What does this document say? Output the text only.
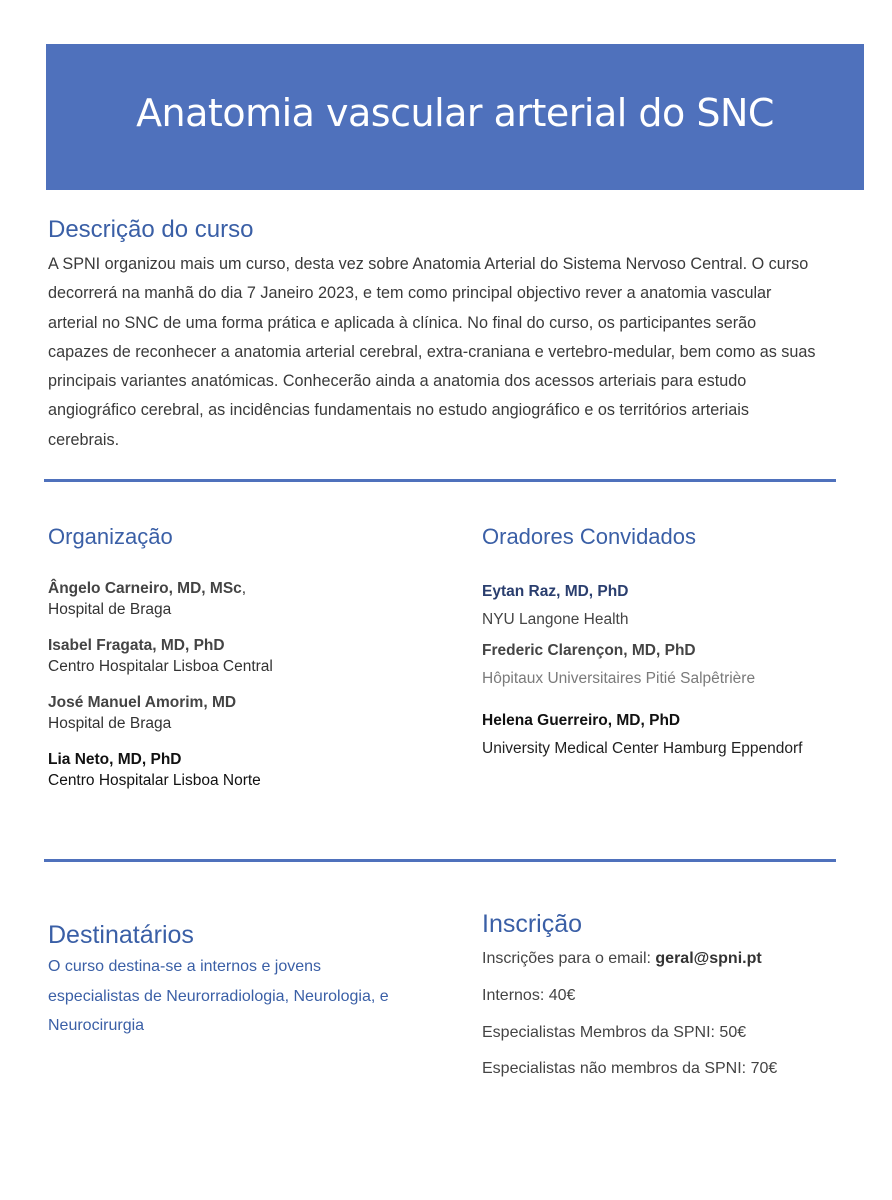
Anatomia vascular arterial do SNC
Descrição do curso

A SPNI organizou mais um curso, desta vez sobre Anatomia Arterial do Sistema Nervoso Central. O curso
decorrerá na manhã do dia 7 Janeiro 2023, e tem como principal objectivo rever a anatomia vascular
arterial no SNC de uma forma prática e aplicada à clínica. No final do curso, os participantes serão
capazes de reconhecer a anatomia arterial cerebral, extra-craniana e vertebro-medular, bem como as suas
principais variantes anatómicas. Conhecerão ainda a anatomia dos acessos arteriais para estudo
angiográfico cerebral, as incidências fundamentais no estudo angiográfico e os territórios arteriais
cerebrais.

Organização
Ângelo Carneiro, MD, MSc,
Hospital de Braga
Isabel Fragata, MD, PhD
Centro Hospitalar Lisboa Central
José Manuel Amorim, MD
Hospital de Braga
Lia Neto, MD, PhD
Centro Hospitalar Lisboa Norte
Oradores Convidados
Eytan Raz, MD, PhD
NYU Langone Health
Frederic Clarençon, MD, PhD
Hôpitaux Universitaires Pitié Salpêtrière
Helena Guerreiro, MD, PhD
University Medical Center Hamburg Eppendorf
Destinatários

O curso destina-se a internos e jovens
especialistas de Neurorradiologia, Neurologia, e
Neurocirurgia

Inscrição
Inscrições para o email: geral@spni.pt
Internos: 40€
Especialistas Membros da SPNI: 50€
Especialistas não membros da SPNI: 70€
